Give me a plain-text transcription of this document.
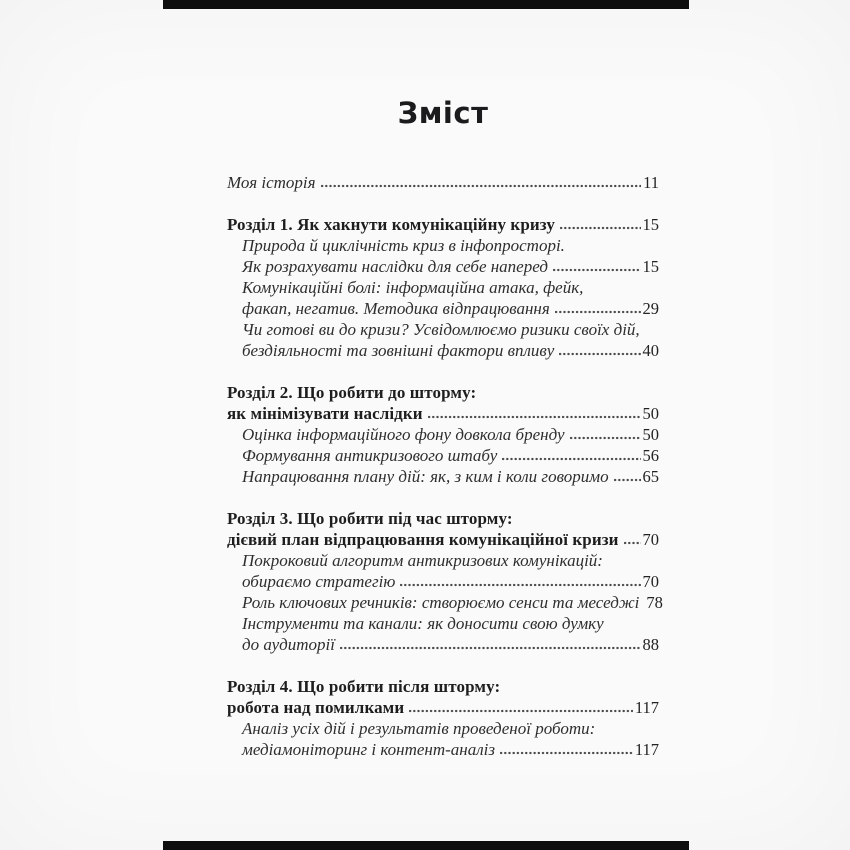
Зміст
Моя історія	11
Розділ 1. Як хакнути комунікаційну кризу	15
Природа й циклічність криз в інфопросторі.
Як розрахувати наслідки для себе наперед	15
Комунікаційні болі: інформаційна атака, фейк,
факап, негатив. Методика відпрацювання	29
Чи готові ви до кризи? Усвідомлюємо ризики своїх дій,
бездіяльності та зовнішні фактори впливу	40
Розділ 2. Що робити до шторму:
як мінімізувати наслідки	50
Оцінка інформаційного фону довкола бренду	50
Формування антикризового штабу	56
Напрацювання плану дій: як, з ким і коли говоримо 65
Розділ 3. Що робити під час шторму:
дієвий план відпрацювання комунікаційної кризи 70
Покроковий алгоритм антикризових комунікацій:
обираємо стратегію	70
Роль ключових речників: створюємо сенси та меседжі 78
Інструменти та канали: як доносити свою думку
до аудиторії	88
Розділ 4. Що робити після шторму:
робота над помилками	117
Аналіз усіх дій і результатів проведеної роботи:
медіамоніторинг і контент-аналіз	117
